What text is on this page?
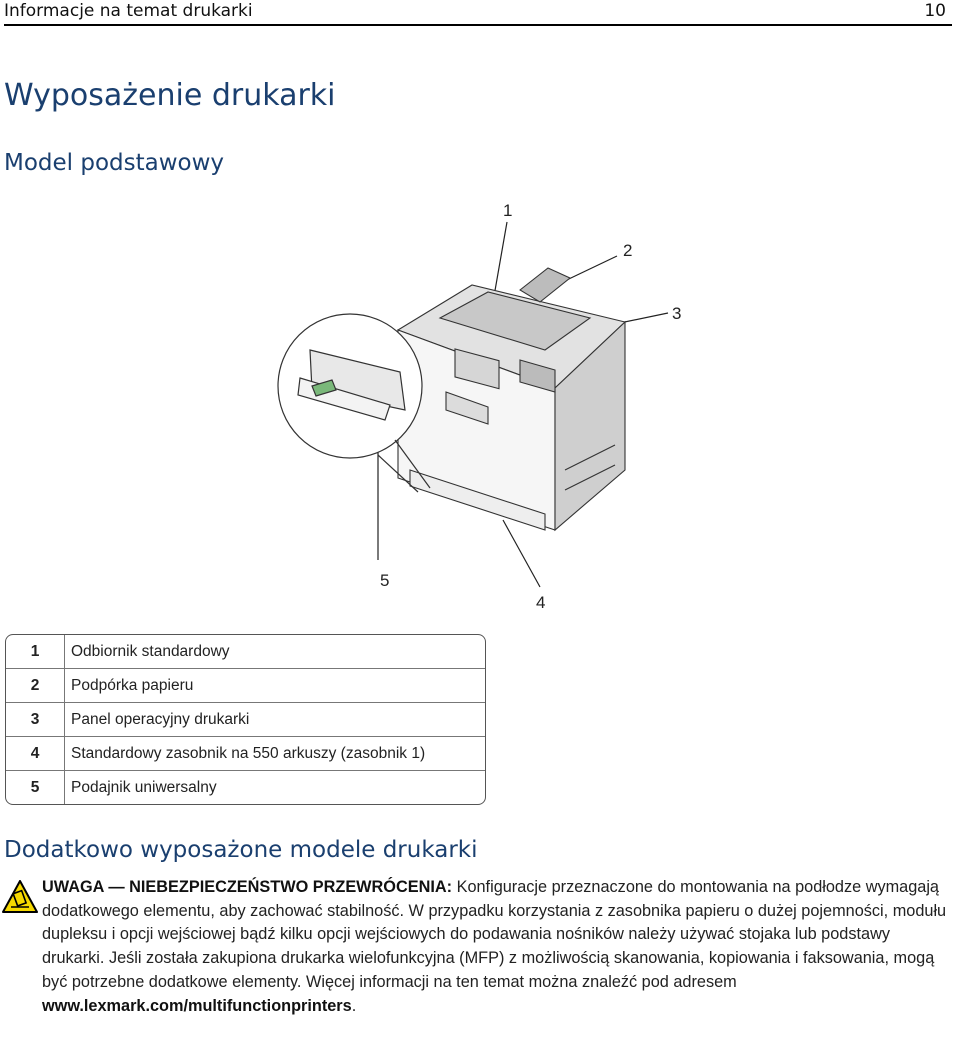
Informacje na temat drukarki	10
Wyposażenie drukarki
Model podstawowy
1
2
3
4
5
1	Odbiornik standardowy
2	Podpórka papieru
3	Panel operacyjny drukarki
4	Standardowy zasobnik na 550 arkuszy (zasobnik 1)
5	Podajnik uniwersalny
Dodatkowo wyposażone modele drukarki
UWAGA — NIEBEZPIECZEŃSTWO PRZEWRÓCENIA: Konfiguracje przeznaczone do montowania na podłodze wymagają dodatkowego elementu, aby zachować stabilność. W przypadku korzystania z zasobnika papieru o dużej pojemności, modułu dupleksu i opcji wejściowej bądź kilku opcji wejściowych do podawania nośników należy używać stojaka lub podstawy drukarki. Jeśli została zakupiona drukarka wielofunkcyjna (MFP) z możliwością skanowania, kopiowania i faksowania, mogą być potrzebne dodatkowe elementy. Więcej informacji na ten temat można znaleźć pod adresem www.lexmark.com/multifunctionprinters.
